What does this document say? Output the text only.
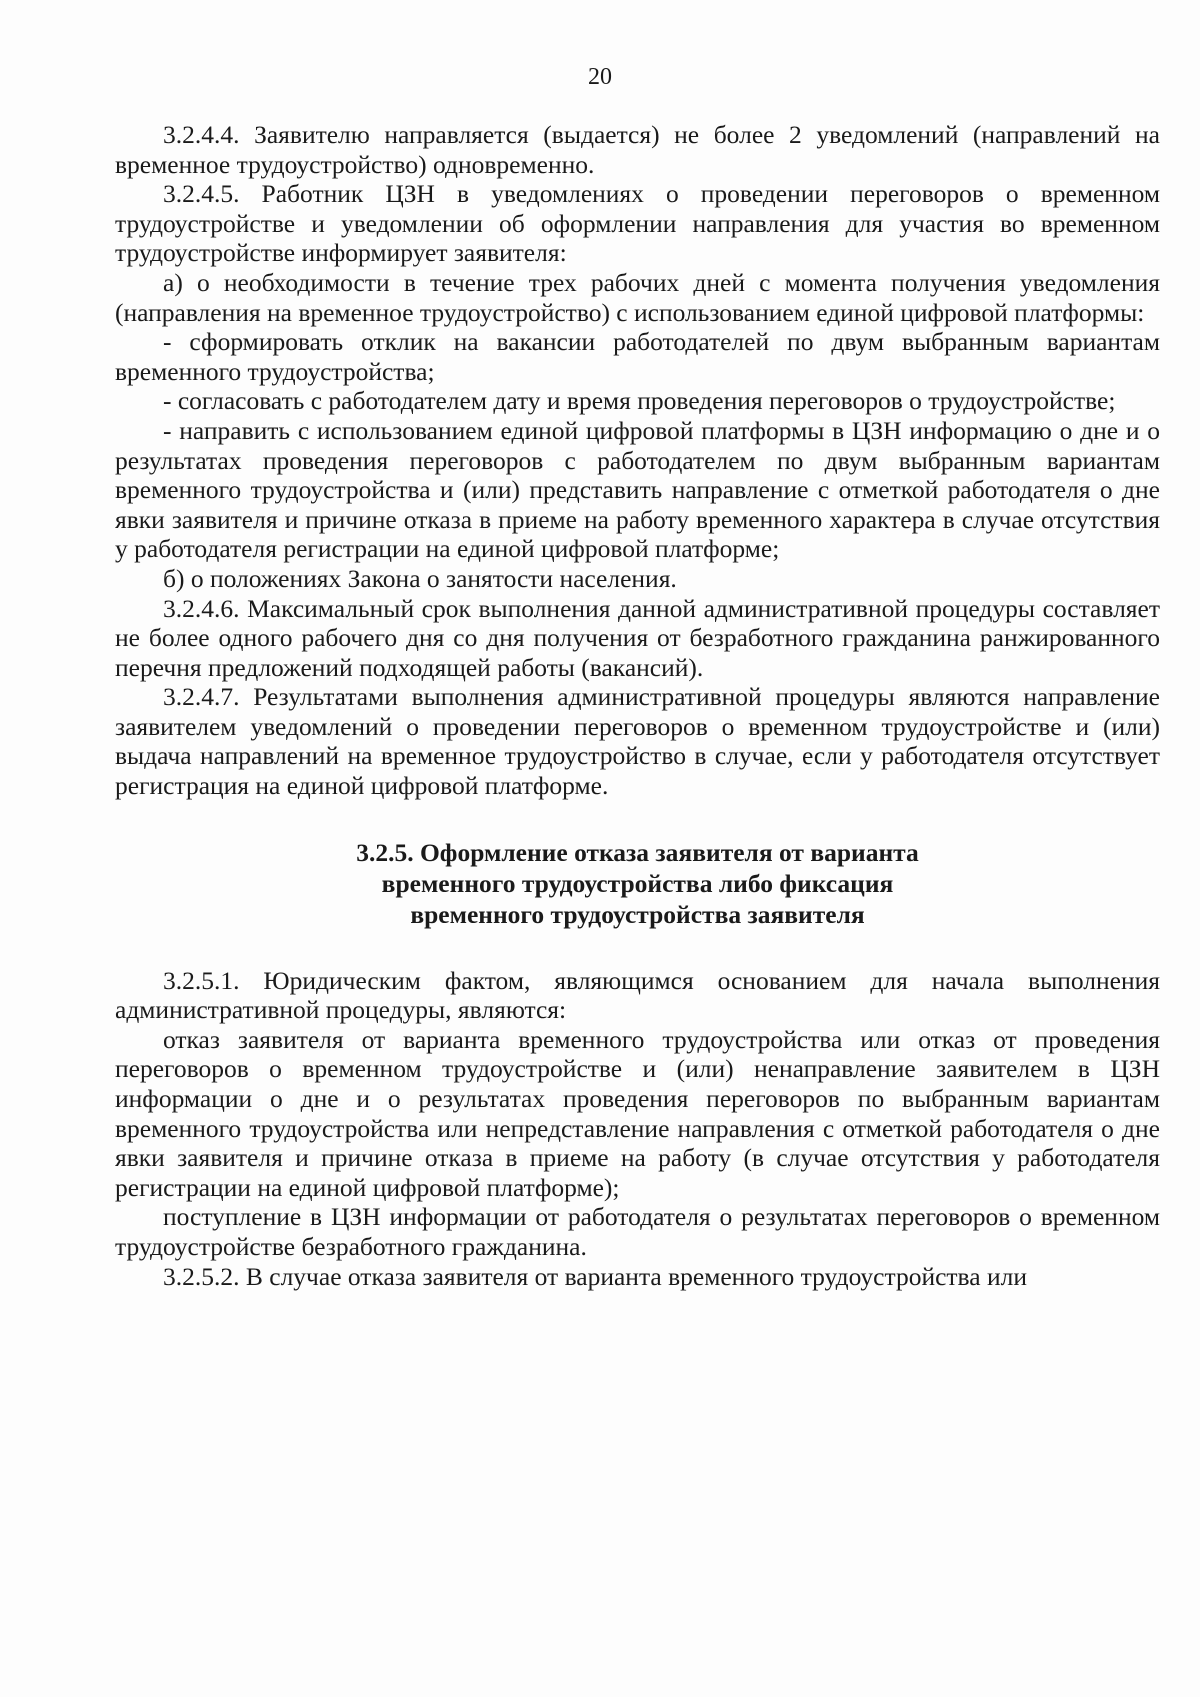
20

3.2.4.4. Заявителю направляется (выдается) не более 2 уведомлений (направлений на временное трудоустройство) одновременно.

3.2.4.5. Работник ЦЗН в уведомлениях о проведении переговоров о временном трудоустройстве и уведомлении об оформлении направления для участия во временном трудоустройстве информирует заявителя:

а) о необходимости в течение трех рабочих дней с момента получения уведомления (направления на временное трудоустройство) с использованием единой цифровой платформы:

- сформировать отклик на вакансии работодателей по двум выбранным вариантам временного трудоустройства;

- согласовать с работодателем дату и время проведения переговоров о трудоустройстве;

- направить с использованием единой цифровой платформы в ЦЗН информацию о дне и о результатах проведения переговоров с работодателем по двум выбранным вариантам временного трудоустройства и (или) представить направление с отметкой работодателя о дне явки заявителя и причине отказа в приеме на работу временного характера в случае отсутствия у работодателя регистрации на единой цифровой платформе;

б) о положениях Закона о занятости населения.

3.2.4.6. Максимальный срок выполнения данной административной процедуры составляет не более одного рабочего дня со дня получения от безработного гражданина ранжированного перечня предложений подходящей работы (вакансий).

3.2.4.7. Результатами выполнения административной процедуры являются направление заявителем уведомлений о проведении переговоров о временном трудоустройстве и (или) выдача направлений на временное трудоустройство в случае, если у работодателя отсутствует регистрация на единой цифровой платформе.

3.2.5. Оформление отказа заявителя от варианта
временного трудоустройства либо фиксация
временного трудоустройства заявителя

3.2.5.1. Юридическим фактом, являющимся основанием для начала выполнения административной процедуры, являются:

отказ заявителя от варианта временного трудоустройства или отказ от проведения переговоров о временном трудоустройстве и (или) ненаправление заявителем в ЦЗН информации о дне и о результатах проведения переговоров по выбранным вариантам временного трудоустройства или непредставление направления с отметкой работодателя о дне явки заявителя и причине отказа в приеме на работу (в случае отсутствия у работодателя регистрации на единой цифровой платформе);

поступление в ЦЗН информации от работодателя о результатах переговоров о временном трудоустройстве безработного гражданина.

3.2.5.2. В случае отказа заявителя от варианта временного трудоустройства или
